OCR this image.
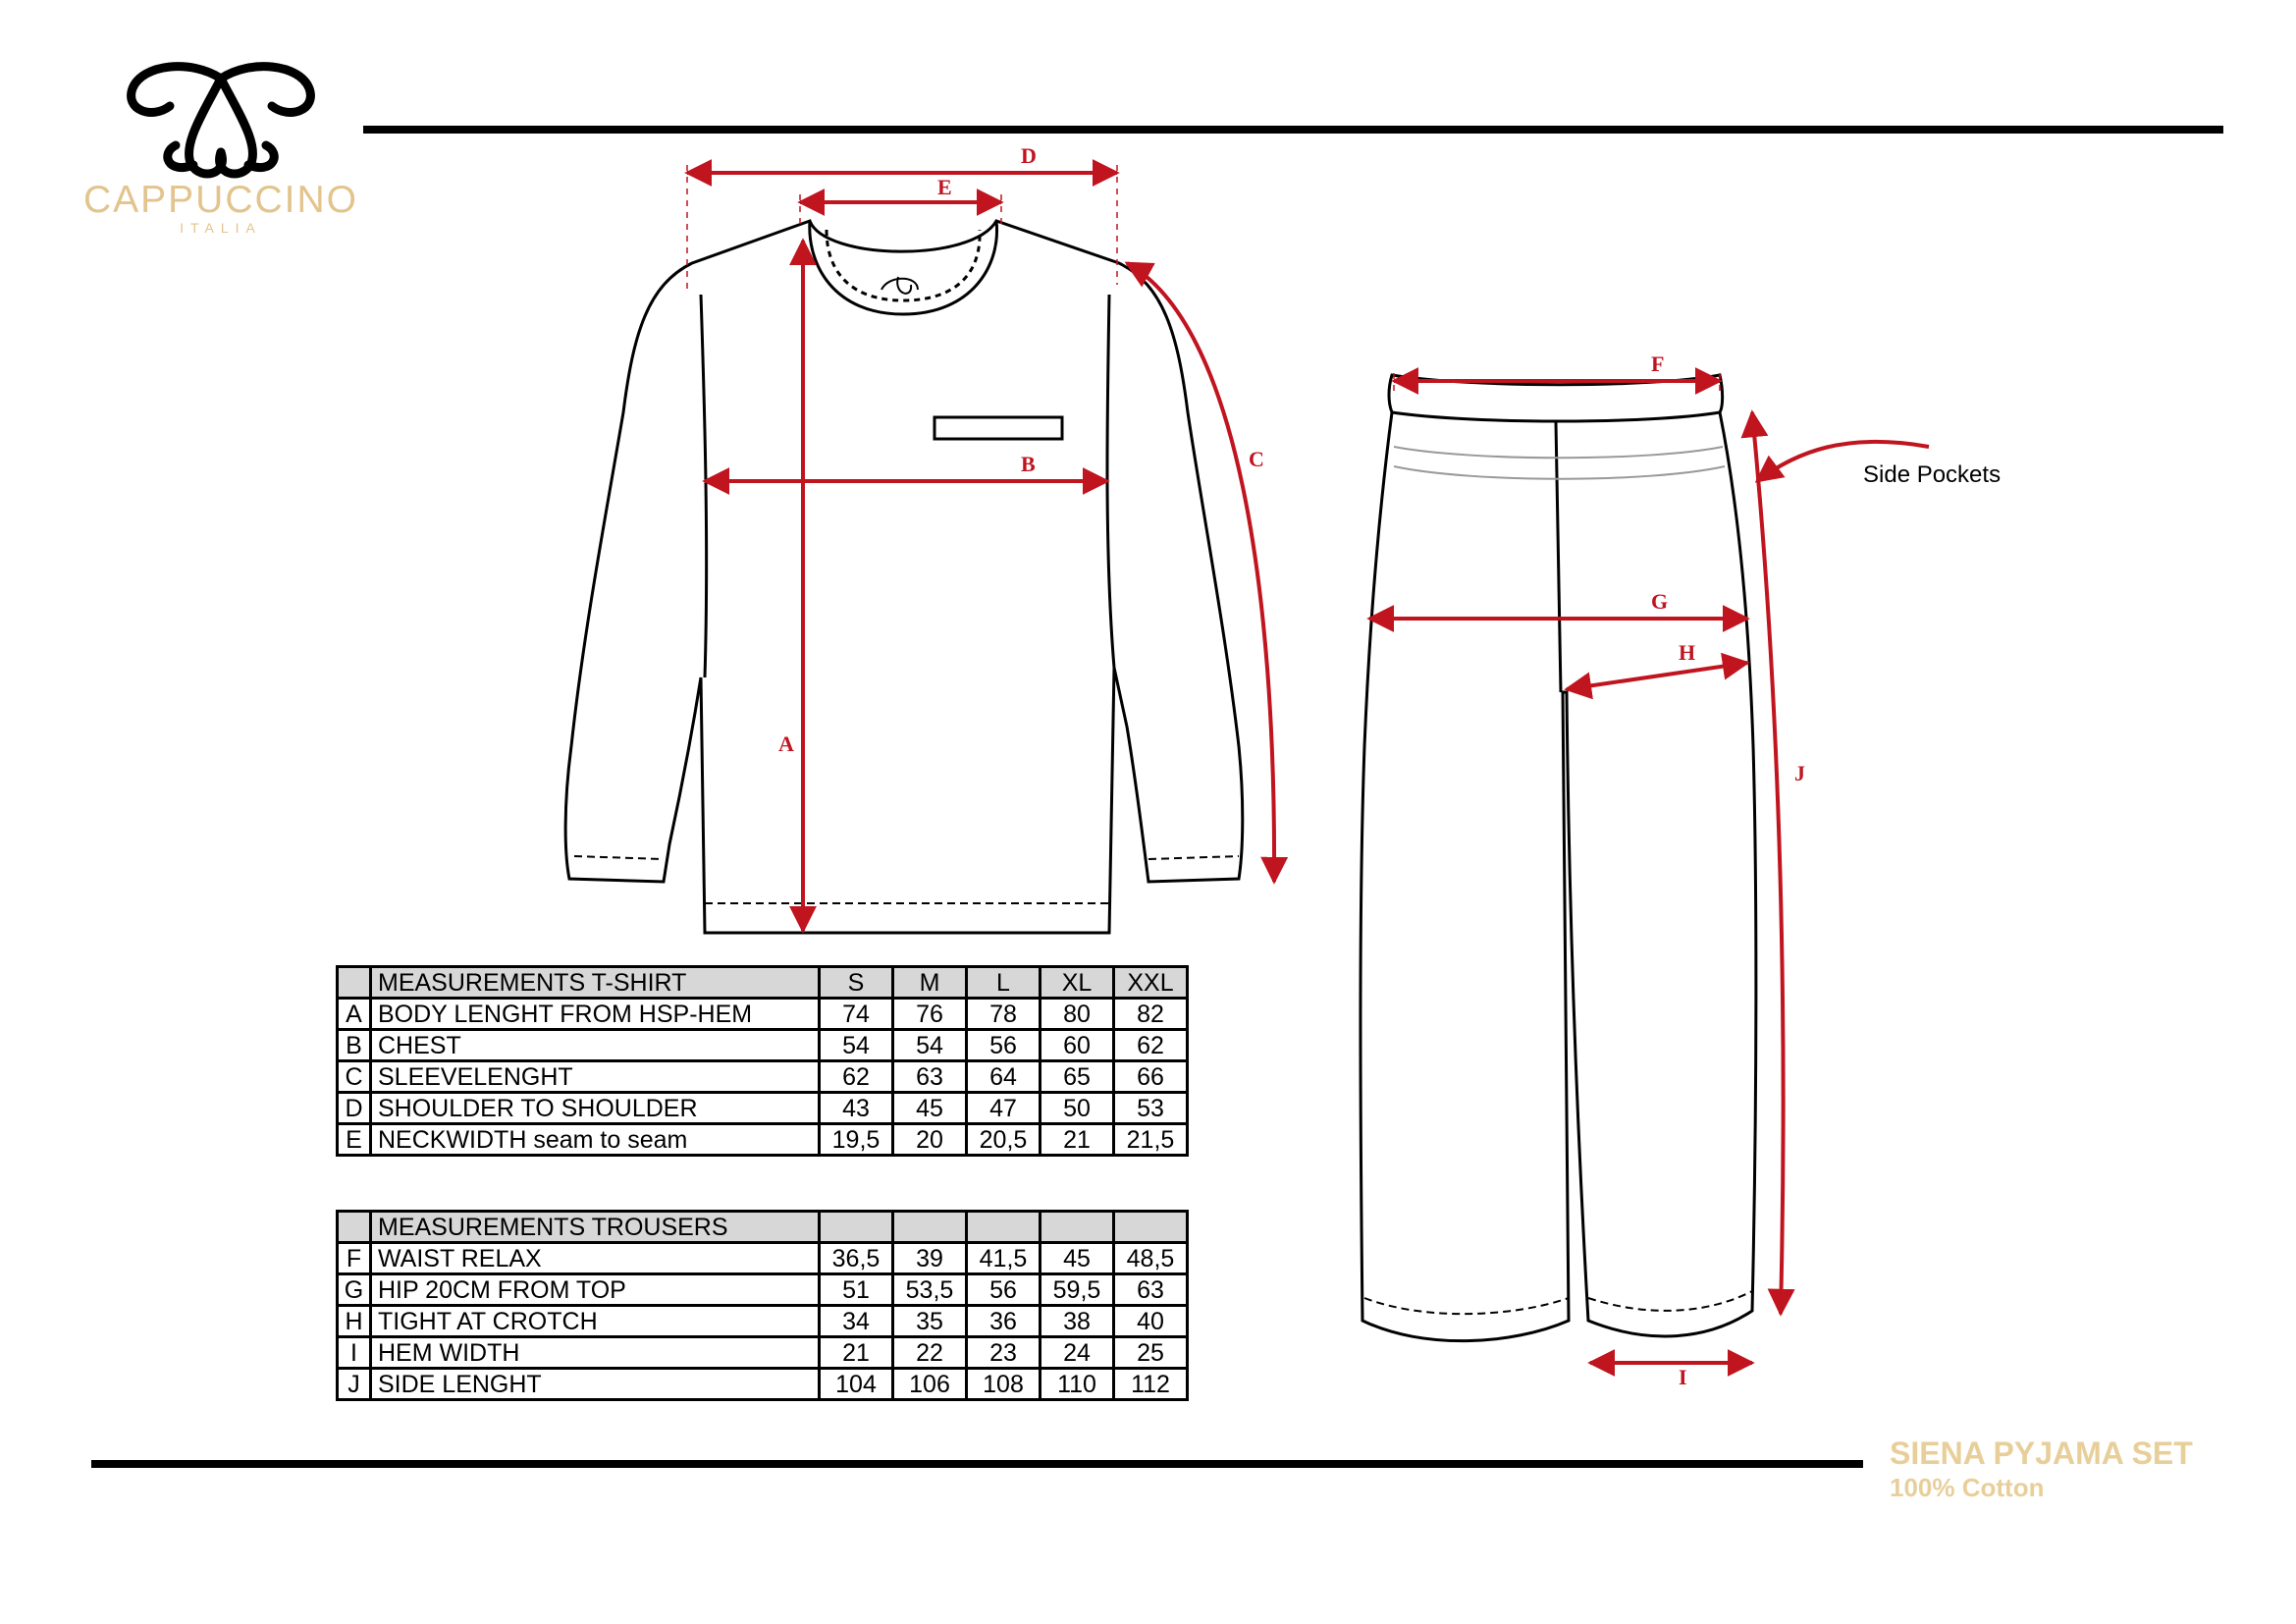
CAPPUCCINO
ITALIA
D
E
C
B
A
F
G
H
I
J
Side Pockets
	MEASUREMENTS T-SHIRT	S	M	L	XL	XXL
A	BODY LENGHT FROM HSP-HEM	74	76	78	80	82
B	CHEST	54	54	56	60	62
C	SLEEVELENGHT	62	63	64	65	66
D	SHOULDER TO SHOULDER	43	45	47	50	53
E	NECKWIDTH seam to seam	19,5	20	20,5	21	21,5
	MEASUREMENTS TROUSERS					
F	WAIST RELAX	36,5	39	41,5	45	48,5
G	HIP 20CM FROM TOP	51	53,5	56	59,5	63
H	TIGHT AT CROTCH	34	35	36	38	40
I	HEM WIDTH	21	22	23	24	25
J	SIDE LENGHT	104	106	108	110	112
SIENA PYJAMA SET
100% Cotton
